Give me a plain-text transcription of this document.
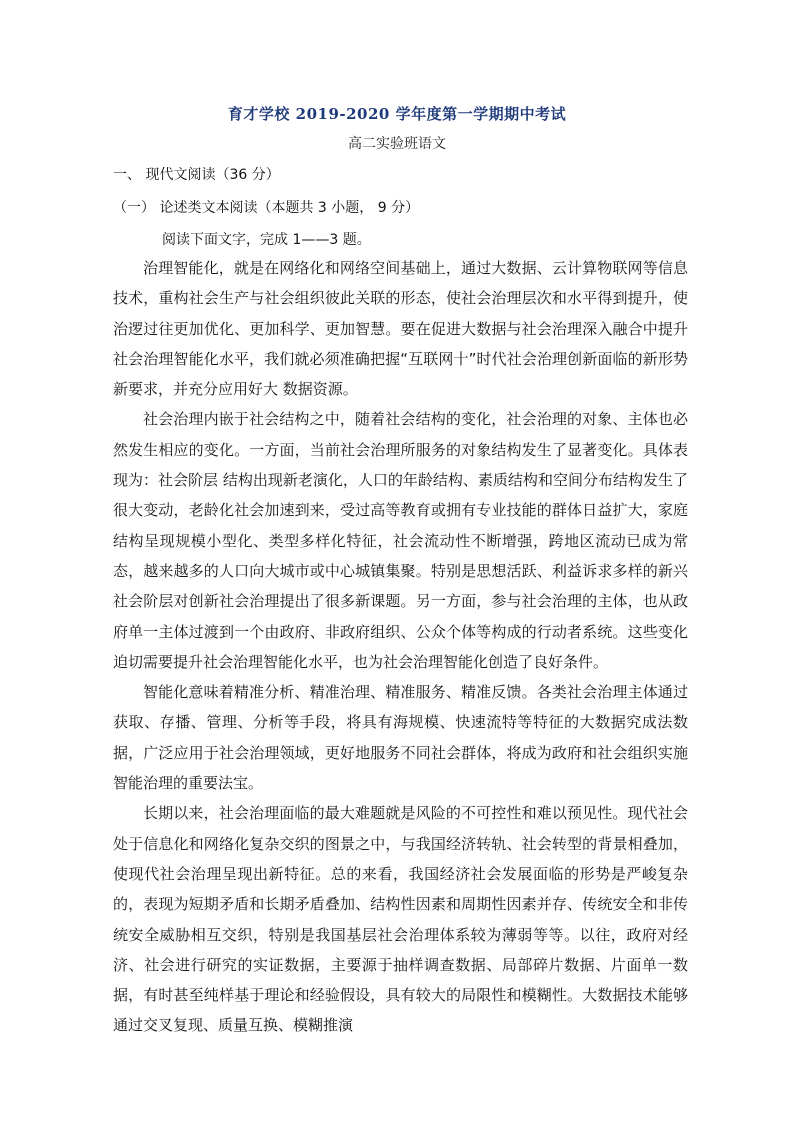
育才学校 2019-2020 学年度第一学期期中考试
高二实验班语文
一、 现代文阅读（36 分）
（一） 论述类文本阅读（本题共 3 小题， 9 分）
阅读下面文字，完成 1——3 题。

治理智能化，就是在网络化和网络空间基础上，通过大数据、云计算物联网等信息技术，重构社会生产与社会组织彼此关联的形态，使社会治理层次和水平得到提升，使治逻过往更加优化、更加科学、更加智慧。要在促进大数据与社会治理深入融合中提升社会治理智能化水平，我们就必须准确把握“互联网十”时代社会治理创新面临的新形势新要求，并充分应用好大 数据资源。

社会治理内嵌于社会结构之中，随着社会结构的变化，社会治理的对象、主体也必然发生相应的变化。一方面，当前社会治理所服务的对象结构发生了显著变化。具体表现为：社会阶层 结构出现新老演化，人口的年龄结构、素质结构和空间分布结构发生了很大变动，老龄化社会加速到来，受过高等教育或拥有专业技能的群体日益扩大，家庭结构呈现规模小型化、类型多样化特征，社会流动性不断增强，跨地区流动已成为常态，越来越多的人口向大城市或中心城镇集聚。特别是思想活跃、利益诉求多样的新兴社会阶层对创新社会治理提出了很多新课题。另一方面，参与社会治理的主体，也从政府单一主体过渡到一个由政府、非政府组织、公众个体等构成的行动者系统。这些变化迫切需要提升社会治理智能化水平，也为社会治理智能化创造了良好条件。

智能化意味着精准分析、精准治理、精准服务、精准反馈。各类社会治理主体通过获取、存播、管理、分析等手段，将具有海规模、快速流特等特征的大数据究成法数据，广泛应用于社会治理领域，更好地服务不同社会群体，将成为政府和社会组织实施智能治理的重要法宝。

长期以来，社会治理面临的最大难题就是风险的不可控性和难以预见性。现代社会处于信息化和网络化复杂交织的图景之中，与我国经济转轨、社会转型的背景相叠加，使现代社会治理呈现出新特征。总的来看，我国经济社会发展面临的形势是严峻复杂的，表现为短期矛盾和长期矛盾叠加、结构性因素和周期性因素并存、传统安全和非传统安全威胁相互交织，特别是我国基层社会治理体系较为薄弱等等。以往，政府对经济、社会进行研究的实证数据，主要源于抽样调查数据、局部碎片数据、片面单一数据，有时甚至纯样基于理论和经验假设，具有较大的局限性和模糊性。大数据技术能够通过交叉复现、质量互换、模糊推演
